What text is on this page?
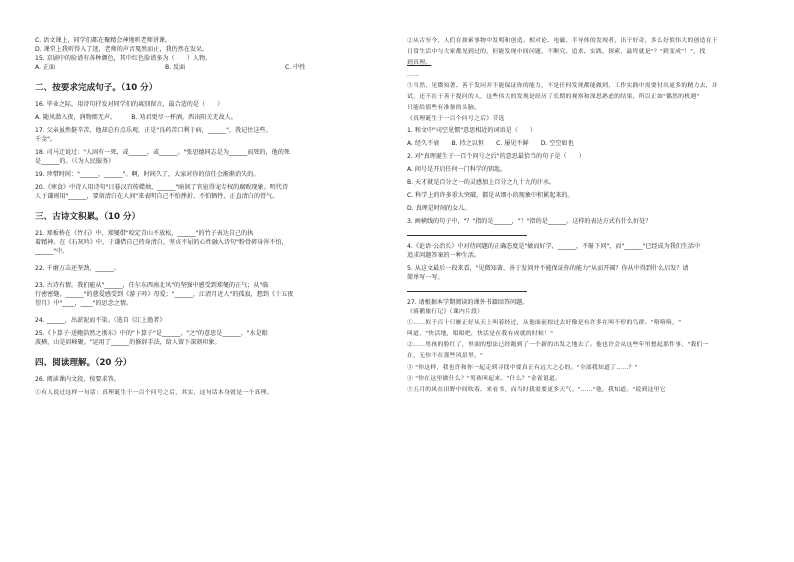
C. 语文课上，同学们都在聚精会神地听老师讲课。
D. 课堂上我听得入了迷，老师的声音戛然而止，我仍然在发呆。
15. 京剧中的脸谱有各种颜色，其中红色脸谱多为（　　）人物。
A. 正面	B. 反面	C. 中性
二、按要求完成句子。（10 分）
16. 毕业之际，用诗句抒发对同学们的离别留言，最合适的是（　　）
A. 随风潜入夜，润物细无声。　　　B. 劝君更尽一杯酒，西出阳关无故人。
17. 父亲虽然挺辛苦，他却总有点乐观，正是"良药苦口利于病，______"，我记住这些。
千金"。
18. 司马迁说过："人固有一死，或______，或______。"张思德同志是为______而死的，他的死
是______的。（《为人民服务》
19. 珍惜时间："______，______"。啊，时间久了，大家对你的信任会渐渐消失的。
20.《寒食》中诗人用诗句"日暮汉宫传蜡烛，______"暗讽了官宦得宠专权的腐败现象。明代诗
人于谦则用"______，要留清白在人间"来表明自己不怕挫折、不怕牺牲、正直清白的骨气。
三、古诗文积累。（10 分）
21. 郑板桥在《竹石》中，郑燮借"咬定青山不放松，______"的竹子表达自己的执
着精神。在《石灰吟》中，于谦借自己持身清白，坚贞不屈的心性融入诗句"粉骨碎身浑不怕，
______"中。
22. 千磨万击还坚劲，______。
23. 古诗有情。我们能从"______，任尔东西南北风"的坚强中感受到郑燮的正气；从"临
行密密缝，______"的慈爱感受到《游子吟》母爱；"______，江清月近人"的孤寂，想到《十五夜
望月》中"____，____"的思念之情。
24. ______，出淤泥而不染。（选自《江上渔者》
25.《卜算子·送鲍浩然之浙东》中的"卜算子"是______，"之"的意思是______。"水是眼
波横，山是眉峰聚。"运用了______的修辞手法，给人留下深刻印象。
四、阅读理解。（20 分）
26. 阅读课内文段，按要求答。
①有人说过这样一句话：真理诞生于一百个问号之后，其实，这句话本身就是一个真理。
②从古至今，人们在探索事物中发明和创造。相对论、电磁、半导体的发现者，出于好奇，多么好似伟大的创造在于
日常生活中与大家都见到过的，但能发现中间问题，不断究、追求、实践、探索，最终就是"？"到变成"！"，找
到真理。
……
⑤当然，见微知著、善于发问并不能保证你的能力，不是任何发现都能做到，工作实践中需要付出更多的精力去，并
试，还不在于善于提问的人，这些伟大的发现是经历了长期的观察和深思熟虑的结果，所以正如"偶然的机遇"
只能给那些有准备的头脑。
《真理诞生于一百个问号之后》节选
1. 和文中"司空见惯"意思相近的词语是（　　）
A. 经久不衰　　B. 持之以恒　　C. 屡见不鲜　　D. 空空如也
2. 对"真理诞生于一百个问号之后"的意思最恰当的句子是（　　）
A. 问号是开启任何一门科学的钥匙。
B. 天才就是百分之一的灵感加上百分之九十九的汗水。
C. 科学上的许多重大突破，都是从细小的现象中积累起来的。
D. 真理是时间的女儿。
3. 画横线的句子中，"？"指的是______，"！"指的是______。这样的表达方式有什么好处？
4.《论语·公冶长》中对待问题的正确态度是"敏而好学，______，不耻下问"，而"______"已经成为我们生活中
追求问题答案的一种生活。
5. 从这文最后一段来看，"见微知著、善于发问并不能保证你的能力"从而开阔？你从中得到什么启发？请
简单写一写。
27. 请根据本学期阅读的课外书籍回答问题。
《骑鹅旅行记》（课内片段）
①……似于百十只雁正好从天上叫着经过，从他面前掠过去好像是有许多在叫不停的鸟群。"咯咯咯，"
叫道，"快活地，唱唱吧，快活是在我有成就的时候！"
②……男孩的脸红了，里面的想法已经跑到了一个新的出发之地去了。他也许会从这些年里想起那件事，"我们一
在，无你不在那些风景里。"
③ "你这样，我也许和你一起走到寻找中要真正有远大之心的。"全部我知道了……？"
④ "你在这里做什么？"男孩叫起来。"什么？"金雀说道。
⑤五月的风在田野中间吹着，来看书，而当时我需要更多天气。"……"他，我知道。"说到这里它
